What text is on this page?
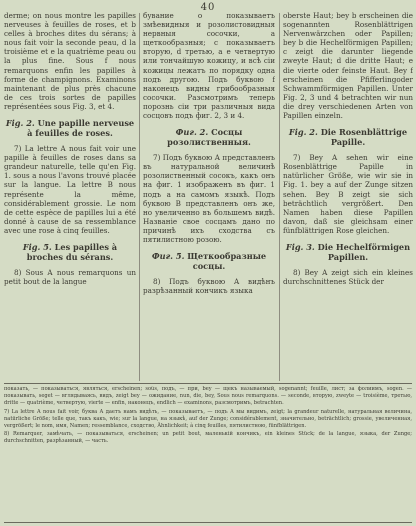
40

derme; on nous montre les papilles nerveuses à feuilles de roses, et b celles à broches dites du sérans; à nous fait voir la seconde peau, d la troisième et e la quatrième peau ou la plus fine. Sous f nous remarquons enfin les papilles à forme de champignons. Examinons maintenant de plus près chacune de ces trois sortes de papilles représentées sous Fig. 3, et 4.

Fig. 2. Une papille nerveuse à feuilles de roses.

7) La lettre A nous fait voir une papille à feuilles de roses dans sa grandeur naturelle, telle qu'en Fig. 1. sous a nous l'avons trouvé placée sur la langue. La lettre B nous représente la même, considérablement grossie. Le nom de cette espèce de papilles lui a été donné à cause de sa ressemblance avec une rose à cinq feuilles.

Fig. 5. Les papilles à broches du sérans.

8) Sous A nous remarquons un petit bout de la langue

бувание о показываетъ змѣевидныя и розолистовидныя нервныя сосочки, а щеткообразныя; с показываетъ вторую, d третью, а е четвертую или тончайшую кожицу, и всѣ сіи кожицы лежатъ по порядку одна подъ другою. Подъ буквою f наконецъ видны грибообразныя сосочки. Разсмотримъ теперь порознь сіи три различныя вида сосцовъ подъ фиг. 2, 3 и 4.

Фиг. 2. Сосцы розолиственныя.

7) Подъ буквою А представленъ въ натуральной величинѣ розолиственный сосокъ, какъ онъ на фиг. 1 изображенъ въ фиг. 1 подъ а на самомъ языкѣ. Подъ буквою В представленъ онъ же, но увеличенно въ большемъ видѣ. Названіе свое сосцамъ дано по причинѣ ихъ сходства съ пятилистною розою.

Фиг. 5. Щеткообразные сосцы.

8) Подъ буквою А видѣнъ разрѣзанный кончикъ языка

oberste Haut; bey b erscheinen die sogenannten Rosenblättrigen Nervenwärzchen oder Papillen; bey b die Hechelförmigen Papillen; c zeigt die darunter liegende zweyte Haut; d die dritte Haut; e die vierte oder feinste Haut. Bey f erscheinen die Pfifferlingoder Schwammförmigen Papillen. Unter Fig. 2, 3 und 4 betrachten wir nun die drey verschiedenen Arten von Papillen einzeln.

Fig. 2. Die Rosenblättrige Papille.

7) Bey A sehen wir eine Rosenblättrige Papille in natürlicher Größe, wie wir sie in Fig. 1. bey a auf der Zunge sitzen sehen. Bey B zeigt sie sich beträchtlich vergrößert. Den Namen haben diese Papillen davon, daß sie gleichsam einer fünfblättrigen Rose gleichen.

Fig. 3. Die Hechelförmigen Papillen.

8) Bey A zeigt sich ein kleines durchschnittenes Stück der

показать, — показываться, являться, erscheinen; soûs, подъ, — при, bey — щекъ называемый, sogenannt; feuille, лист; за фолиимъ, sogen. — показывать, seget — вглядываясь, видъ, zeigt bey — ожидание, nun, die, bey, Sous nous remarquons. — seconde, вторую, zweyte — troisième, третью, dritte — quatrième, четвертую, vierte — enfin, наконецъ, endlich — examinons, разсмотримъ, betrachten.

7) La lettre A nous fait voir, буква А даетъ намъ видѣть, — показываетъ, — подъ А мы видимъ, zeigt; la grandeur naturelle, натуральная величина, natürliche Größe; telle que, такъ какъ, wie; sur la langue, на языкѣ, auf der Zunge; considérablement, значительно, beträchtlich; grossie, увеличенная, vergrößert; le nom, имя, Namen; ressemblance, сходство, Ähnlichkeit; à cinq feuilles, пятилистною, fünfblättrigen.

8) Remarquer, замѣчать, — показываться, erscheinen; un petit bout, маленькій кончикъ, ein kleines Stück; de la langue, языка, der Zunge; durchschnitten, разрѣзанный, — часть.
